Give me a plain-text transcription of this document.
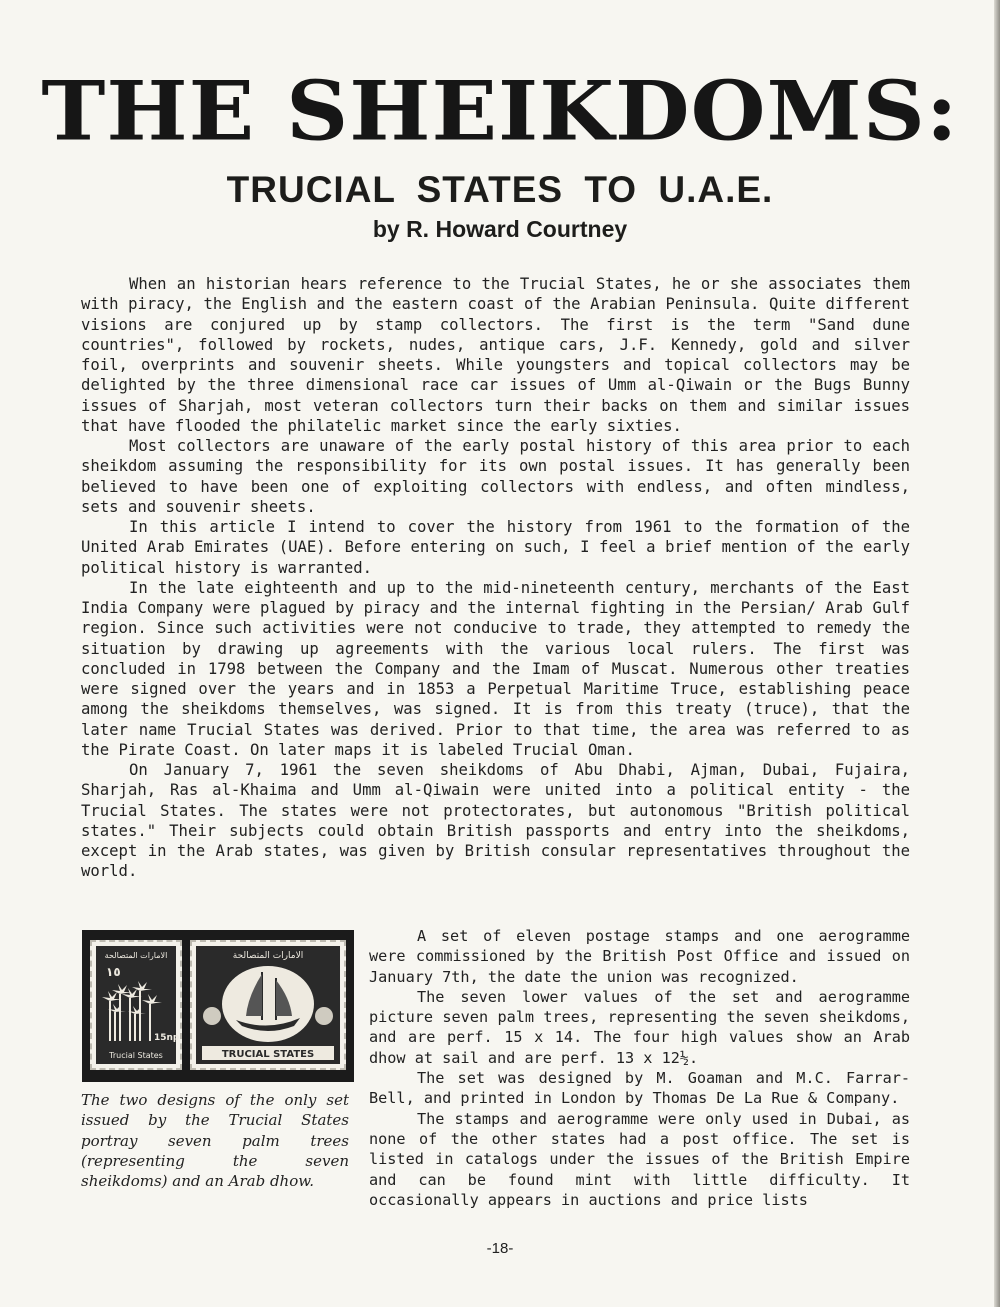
THE SHEIKDOMS:
TRUCIAL STATES TO U.A.E.
by R. Howard Courtney

When an historian hears reference to the Trucial States, he or she associates them with piracy, the English and the eastern coast of the Arabian Peninsula. Quite different visions are conjured up by stamp collectors. The first is the term "Sand dune countries", followed by rockets, nudes, antique cars, J.F. Kennedy, gold and silver foil, overprints and souvenir sheets. While youngsters and topical collectors may be delighted by the three dimensional race car issues of Umm al-Qiwain or the Bugs Bunny issues of Sharjah, most veteran collectors turn their backs on them and similar issues that have flooded the philatelic market since the early sixties.

Most collectors are unaware of the early postal history of this area prior to each sheikdom assuming the responsibility for its own postal issues. It has generally been believed to have been one of exploiting collectors with endless, and often mindless, sets and souvenir sheets.

In this article I intend to cover the history from 1961 to the formation of the United Arab Emirates (UAE). Before entering on such, I feel a brief mention of the early political history is warranted.

In the late eighteenth and up to the mid-nineteenth century, merchants of the East India Company were plagued by piracy and the internal fighting in the Persian/ Arab Gulf region. Since such activities were not conducive to trade, they attempted to remedy the situation by drawing up agreements with the various local rulers. The first was concluded in 1798 between the Company and the Imam of Muscat. Numerous other treaties were signed over the years and in 1853 a Perpetual Maritime Truce, establishing peace among the sheikdoms themselves, was signed. It is from this treaty (truce), that the later name Trucial States was derived. Prior to that time, the area was referred to as the Pirate Coast. On later maps it is labeled Trucial Oman.

On January 7, 1961 the seven sheikdoms of Abu Dhabi, Ajman, Dubai, Fujaira, Sharjah, Ras al-Khaima and Umm al-Qiwain were united into a political entity - the Trucial States. The states were not protectorates, but autonomous "British political states." Their subjects could obtain British passports and entry into the sheikdoms, except in the Arab states, was given by British consular representatives throughout the world.

الامارات المتصالحة
١٥
15np
Trucial States
الامارات المتصالحة
TRUCIAL STATES
The two designs of the only set issued by the Trucial States portray seven palm trees (representing the seven sheikdoms) and an Arab dhow.

A set of eleven postage stamps and one aerogramme were commissioned by the British Post Office and issued on January 7th, the date the union was recognized.

The seven lower values of the set and aerogramme picture seven palm trees, representing the seven sheikdoms, and are perf. 15 x 14. The four high values show an Arab dhow at sail and are perf. 13 x 12½.

The set was designed by M. Goaman and M.C. Farrar-Bell, and printed in London by Thomas De La Rue & Company.

The stamps and aerogramme were only used in Dubai, as none of the other states had a post office. The set is listed in catalogs under the issues of the British Empire and can be found mint with little difficulty. It occasionally appears in auctions and price lists

-18-
